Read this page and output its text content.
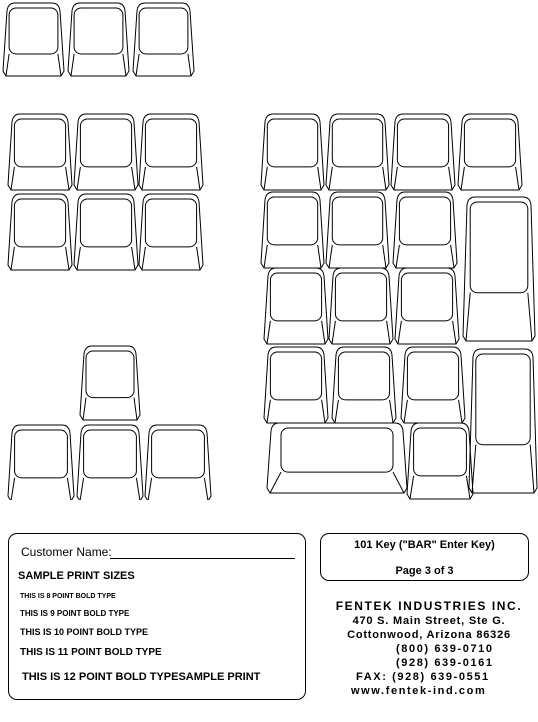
Customer Name:
SAMPLE PRINT SIZES
THIS IS 8 POINT BOLD TYPE
THIS IS 9 POINT BOLD TYPE
THIS IS 10 POINT BOLD TYPE
THIS IS 11 POINT BOLD TYPE
THIS IS 12 POINT BOLD TYPESAMPLE PRINT
101 Key ("BAR" Enter Key)
Page 3 of 3
FENTEK INDUSTRIES INC.
470 S. Main Street, Ste G.
Cottonwood, Arizona 86326
(800) 639-0710
(928) 639-0161
FAX: (928) 639-0551
www.fentek-ind.com
